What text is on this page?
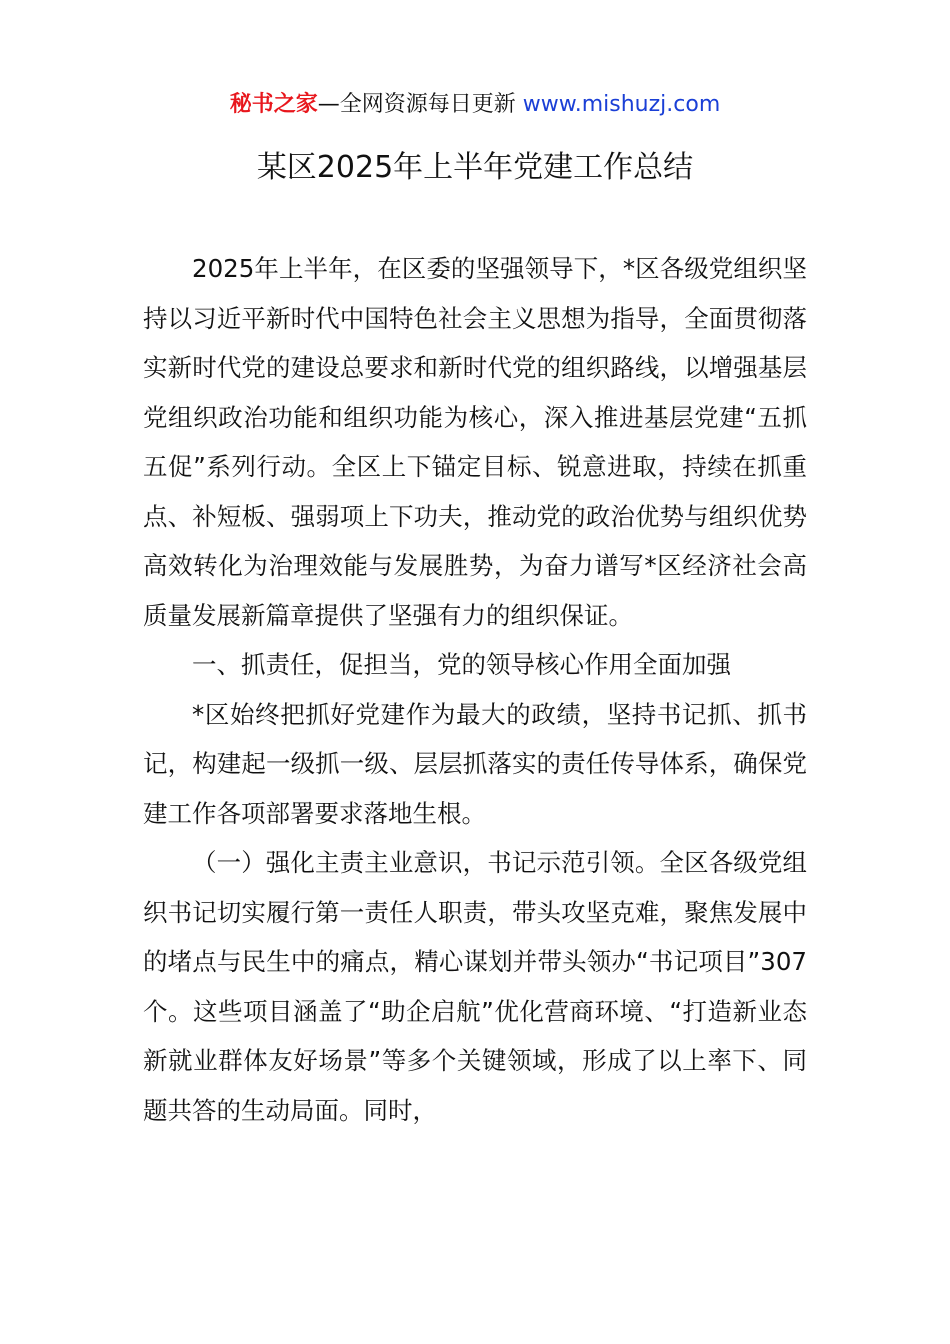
秘书之家—全网资源每日更新 www.mishuzj.com
某区2025年上半年党建工作总结

2025年上半年，在区委的坚强领导下，*区各级党组织坚持以习近平新时代中国特色社会主义思想为指导，全面贯彻落实新时代党的建设总要求和新时代党的组织路线，以增强基层党组织政治功能和组织功能为核心，深入推进基层党建“五抓五促”系列行动。全区上下锚定目标、锐意进取，持续在抓重点、补短板、强弱项上下功夫，推动党的政治优势与组织优势高效转化为治理效能与发展胜势，为奋力谱写*区经济社会高质量发展新篇章提供了坚强有力的组织保证。

一、抓责任，促担当，党的领导核心作用全面加强

*区始终把抓好党建作为最大的政绩，坚持书记抓、抓书记，构建起一级抓一级、层层抓落实的责任传导体系，确保党建工作各项部署要求落地生根。

（一）强化主责主业意识，书记示范引领。全区各级党组织书记切实履行第一责任人职责，带头攻坚克难，聚焦发展中的堵点与民生中的痛点，精心谋划并带头领办“书记项目”307个。这些项目涵盖了“助企启航”优化营商环境、“打造新业态新就业群体友好场景”等多个关键领域，形成了以上率下、同题共答的生动局面。同时，
